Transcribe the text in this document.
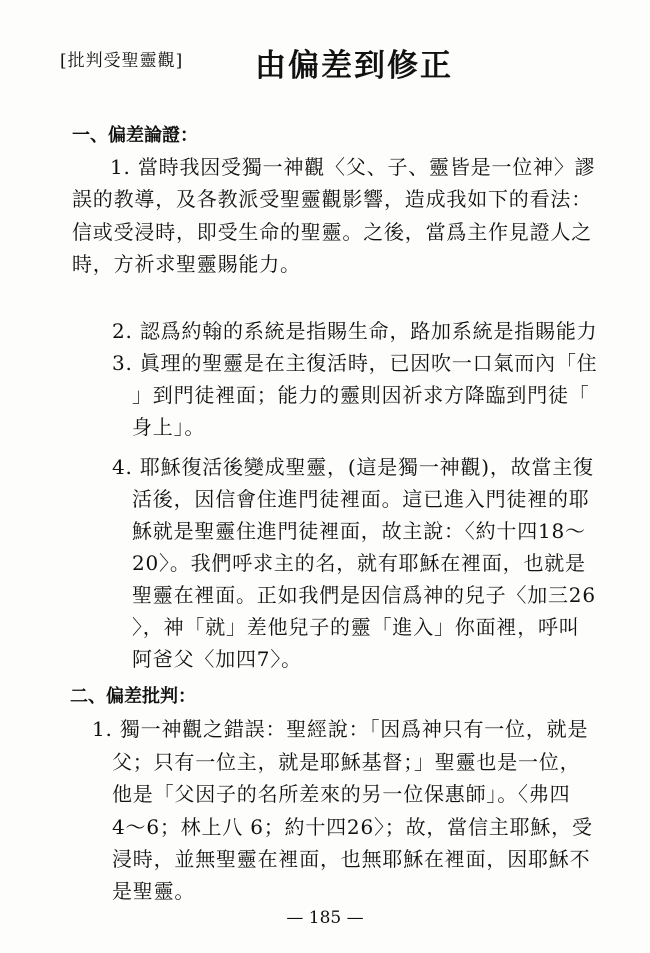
[批判受聖靈觀] 由偏差到修正
一、偏差論證：
1. 當時我因受獨一神觀〈父、子、靈皆是一位神〉謬
誤的教導，及各教派受聖靈觀影響，造成我如下的看法：
信或受浸時，即受生命的聖靈。之後，當爲主作見證人之
時，方祈求聖靈賜能力。
2. 認爲約翰的系統是指賜生命，路加系統是指賜能力
3. 眞理的聖靈是在主復活時，已因吹一口氣而內「住
」到門徒裡面；能力的靈則因祈求方降臨到門徒「
身上」。
4. 耶穌復活後變成聖靈，(這是獨一神觀)，故當主復
活後，因信會住進門徒裡面。這已進入門徒裡的耶
穌就是聖靈住進門徒裡面，故主說：〈約十四18～
20〉。我們呼求主的名，就有耶穌在裡面，也就是
聖靈在裡面。正如我們是因信爲神的兒子〈加三26
〉，神「就」差他兒子的靈「進入」你面裡，呼叫
阿爸父〈加四7〉。
二、偏差批判：
1. 獨一神觀之錯誤：聖經說：「因爲神只有一位，就是
父；只有一位主，就是耶穌基督；」聖靈也是一位，
他是「父因子的名所差來的另一位保惠師」。〈弗四
4～6；林上八 6；約十四26〉；故，當信主耶穌，受
浸時，並無聖靈在裡面，也無耶穌在裡面，因耶穌不
是聖靈。
— 185 —
